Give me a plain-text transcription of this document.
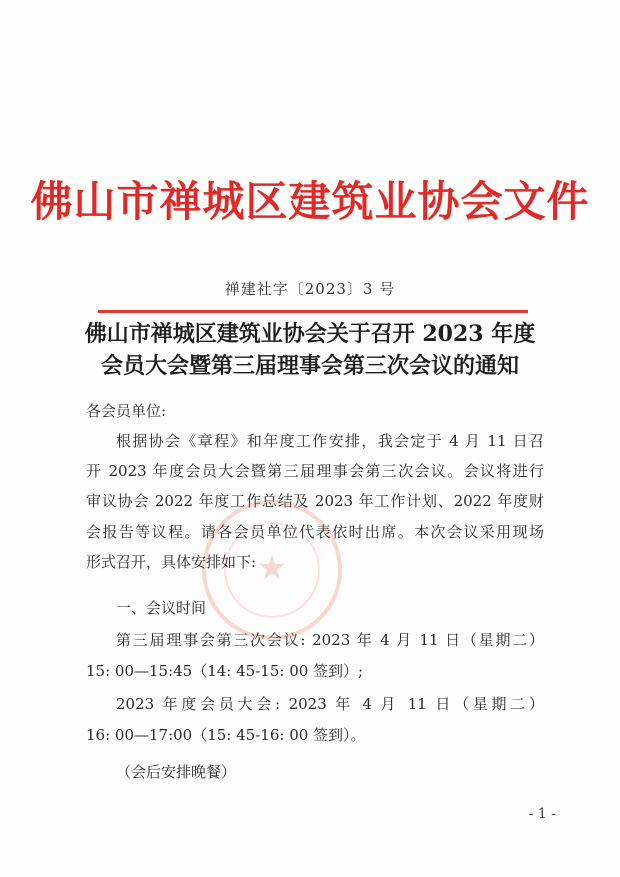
佛山市禅城区建筑业协会文件
禅建社字〔2023〕3 号
佛山市禅城区建筑业协会关于召开 2023 年度
会员大会暨第三届理事会第三次会议的通知
各会员单位:
根据协会《章程》和年度工作安排，我会定于 4 月 11 日召
开 2023 年度会员大会暨第三届理事会第三次会议。会议将进行
审议协会 2022 年度工作总结及 2023 年工作计划、2022 年度财
会报告等议程。请各会员单位代表依时出席。本次会议采用现场
形式召开，具体安排如下:
一、会议时间
第三届理事会第三次会议: 2023 年 4 月 11 日（星期二）
15: 00—15:45（14: 45-15: 00 签到）;
2023 年度会员大会: 2023 年 4 月 11 日（星期二）
16: 00—17:00（15: 45-16: 00 签到）。
（会后安排晚餐）
★
- 1 -
